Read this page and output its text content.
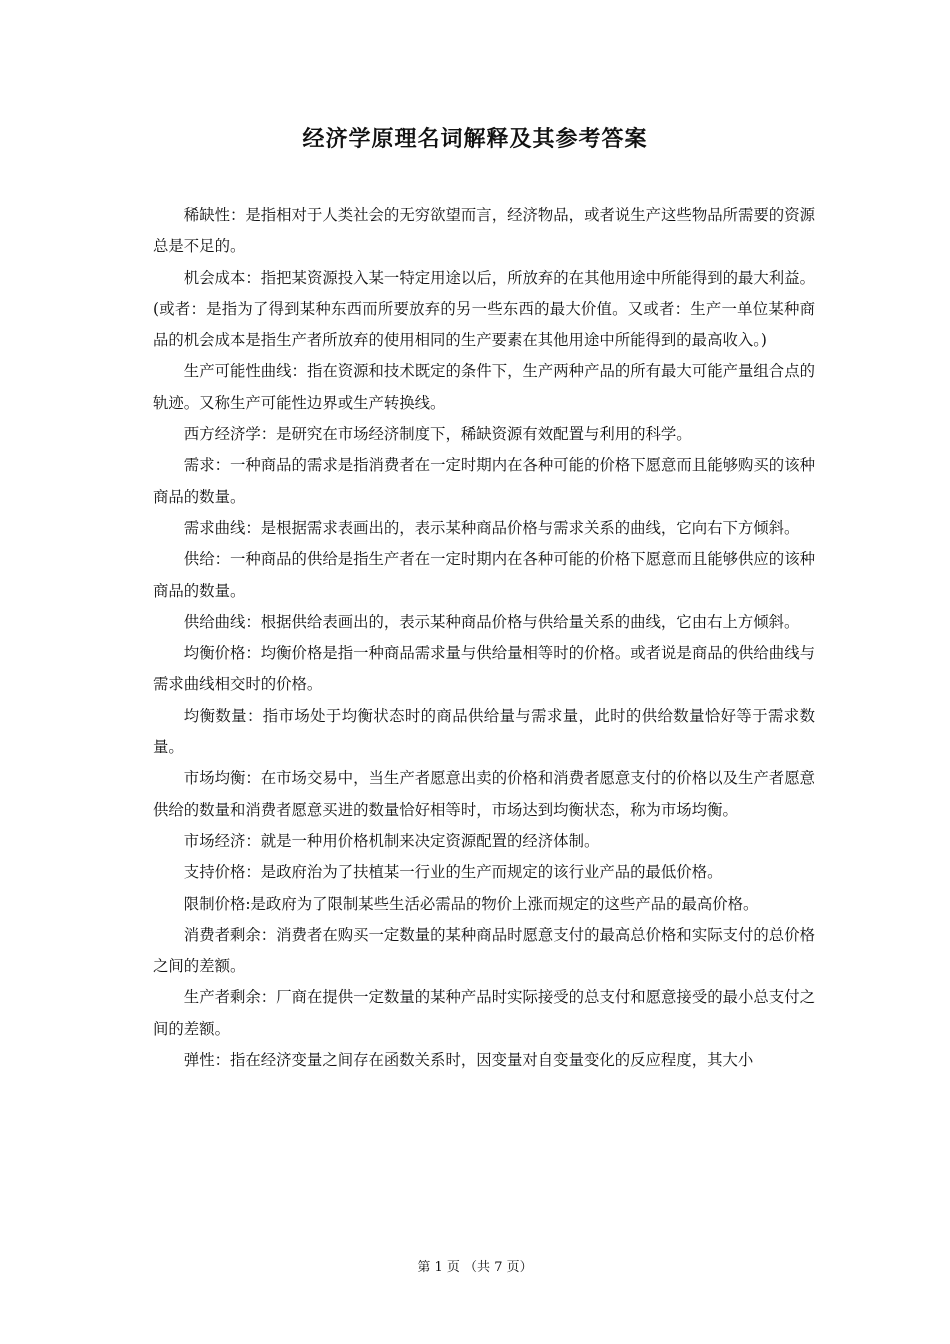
经济学原理名词解释及其参考答案

稀缺性：是指相对于人类社会的无穷欲望而言，经济物品，或者说生产这些物品所需要的资源总是不足的。

机会成本：指把某资源投入某一特定用途以后，所放弃的在其他用途中所能得到的最大利益。(或者：是指为了得到某种东西而所要放弃的另一些东西的最大价值。又或者：生产一单位某种商品的机会成本是指生产者所放弃的使用相同的生产要素在其他用途中所能得到的最高收入。)

生产可能性曲线：指在资源和技术既定的条件下，生产两种产品的所有最大可能产量组合点的轨迹。又称生产可能性边界或生产转换线。

西方经济学：是研究在市场经济制度下，稀缺资源有效配置与利用的科学。

需求：一种商品的需求是指消费者在一定时期内在各种可能的价格下愿意而且能够购买的该种商品的数量。

需求曲线：是根据需求表画出的，表示某种商品价格与需求关系的曲线，它向右下方倾斜。

供给：一种商品的供给是指生产者在一定时期内在各种可能的价格下愿意而且能够供应的该种商品的数量。

供给曲线：根据供给表画出的，表示某种商品价格与供给量关系的曲线，它由右上方倾斜。

均衡价格：均衡价格是指一种商品需求量与供给量相等时的价格。或者说是商品的供给曲线与需求曲线相交时的价格。

均衡数量：指市场处于均衡状态时的商品供给量与需求量，此时的供给数量恰好等于需求数量。

市场均衡：在市场交易中，当生产者愿意出卖的价格和消费者愿意支付的价格以及生产者愿意供给的数量和消费者愿意买进的数量恰好相等时，市场达到均衡状态，称为市场均衡。

市场经济：就是一种用价格机制来决定资源配置的经济体制。

支持价格：是政府治为了扶植某一行业的生产而规定的该行业产品的最低价格。

限制价格:是政府为了限制某些生活必需品的物价上涨而规定的这些产品的最高价格。

消费者剩余：消费者在购买一定数量的某种商品时愿意支付的最高总价格和实际支付的总价格之间的差额。

生产者剩余：厂商在提供一定数量的某种产品时实际接受的总支付和愿意接受的最小总支付之间的差额。

弹性：指在经济变量之间存在函数关系时，因变量对自变量变化的反应程度，其大小

第 1 页 （共 7 页）
